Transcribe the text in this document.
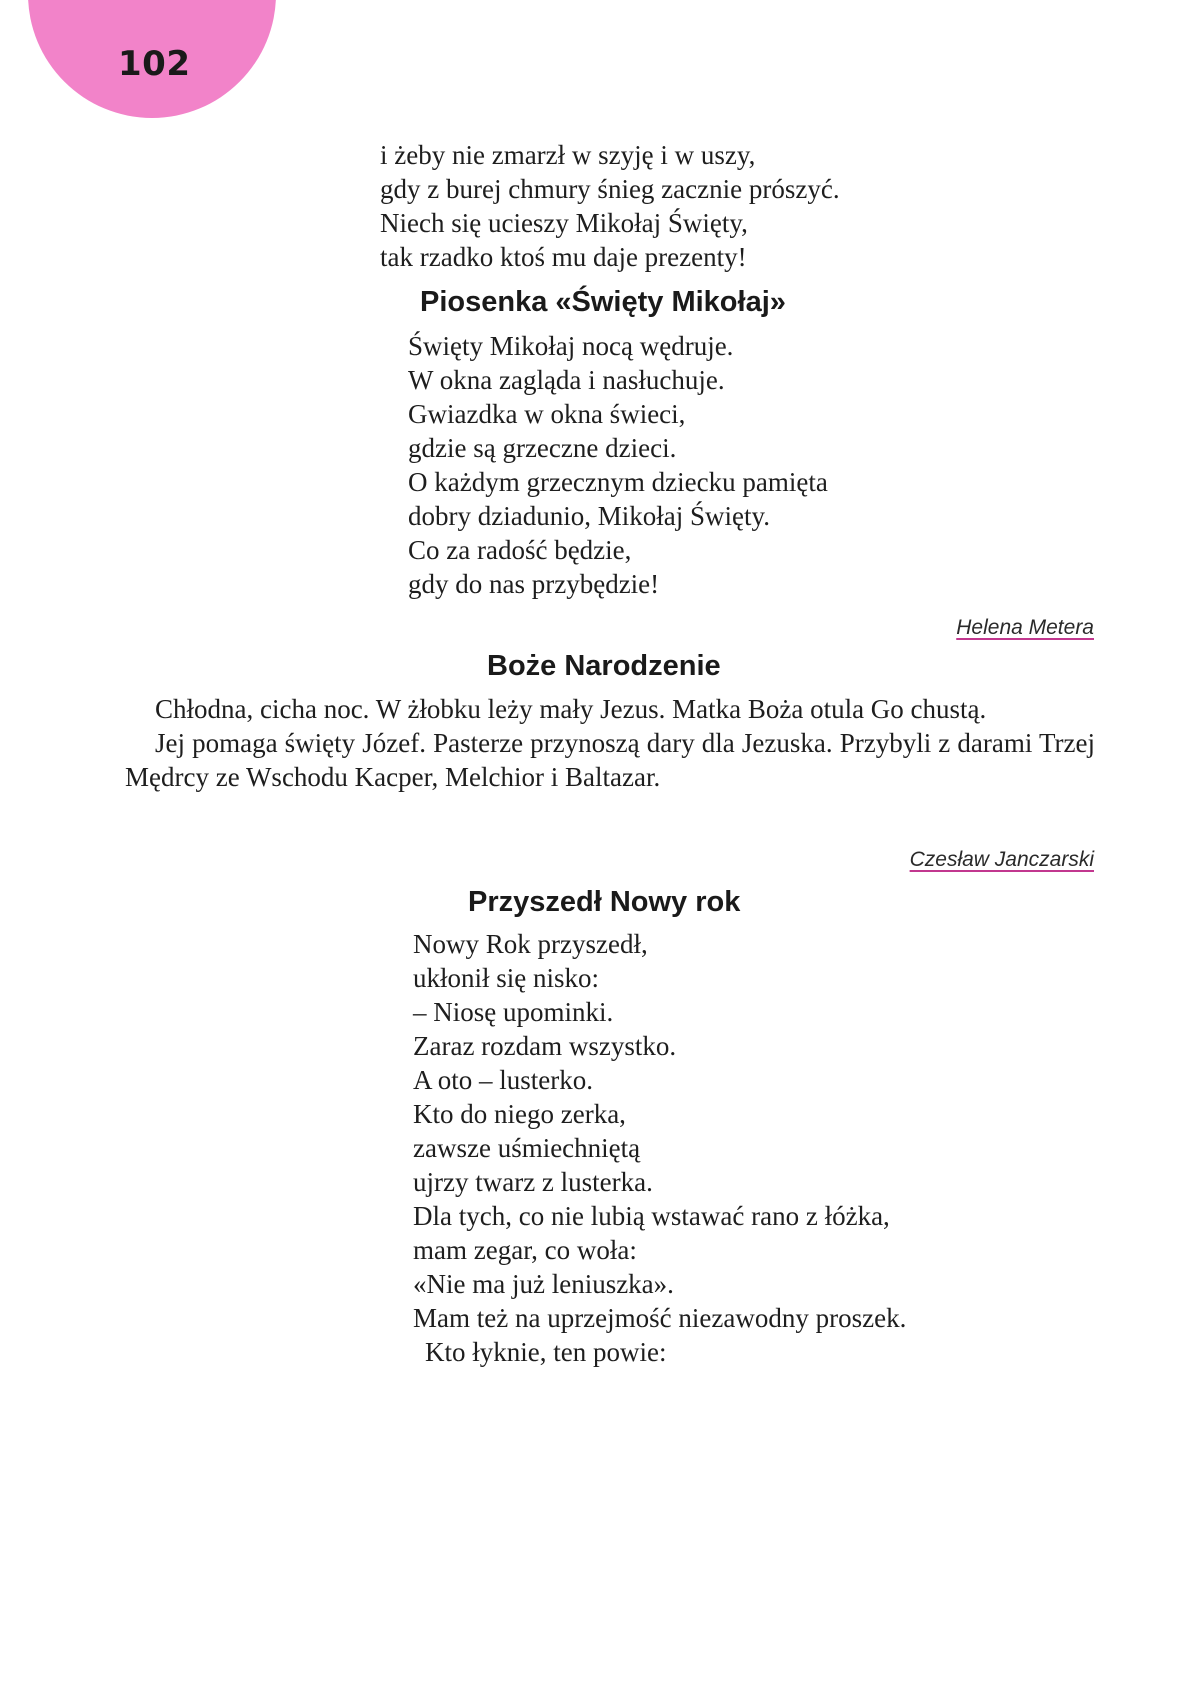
102
i żeby nie zmarzł w szyję i w uszy,
gdy z burej chmury śnieg zacznie prószyć.
Niech się ucieszy Mikołaj Święty,
tak rzadko ktoś mu daje prezenty!
Piosenka «Święty Mikołaj»
Święty Mikołaj nocą wędruje.
W okna zagląda i nasłuchuje.
Gwiazdka w okna świeci,
gdzie są grzeczne dzieci.
O każdym grzecznym dziecku pamięta
dobry dziadunio, Mikołaj Święty.
Co za radość będzie,
gdy do nas przybędzie!
Helena Metera
Boże Narodzenie

Chłodna, cicha noc. W żłobku leży mały Jezus. Matka Boża otula Go chustą.

Jej pomaga święty Józef. Pasterze przynoszą dary dla Jezuska. Przybyli z darami Trzej Mędrcy ze Wschodu Kacper, Melchior i Baltazar.

Czesław Janczarski
Przyszedł Nowy rok
Nowy Rok przyszedł,
ukłonił się nisko:
– Niosę upominki.
Zaraz rozdam wszystko.
A oto – lusterko.
Kto do niego zerka,
zawsze uśmiechniętą
ujrzy twarz z lusterka.
Dla tych, co nie lubią wstawać rano z łóżka,
mam zegar, co woła:
«Nie ma już leniuszka».
Mam też na uprzejmość niezawodny proszek.
Kto łyknie, ten powie:
